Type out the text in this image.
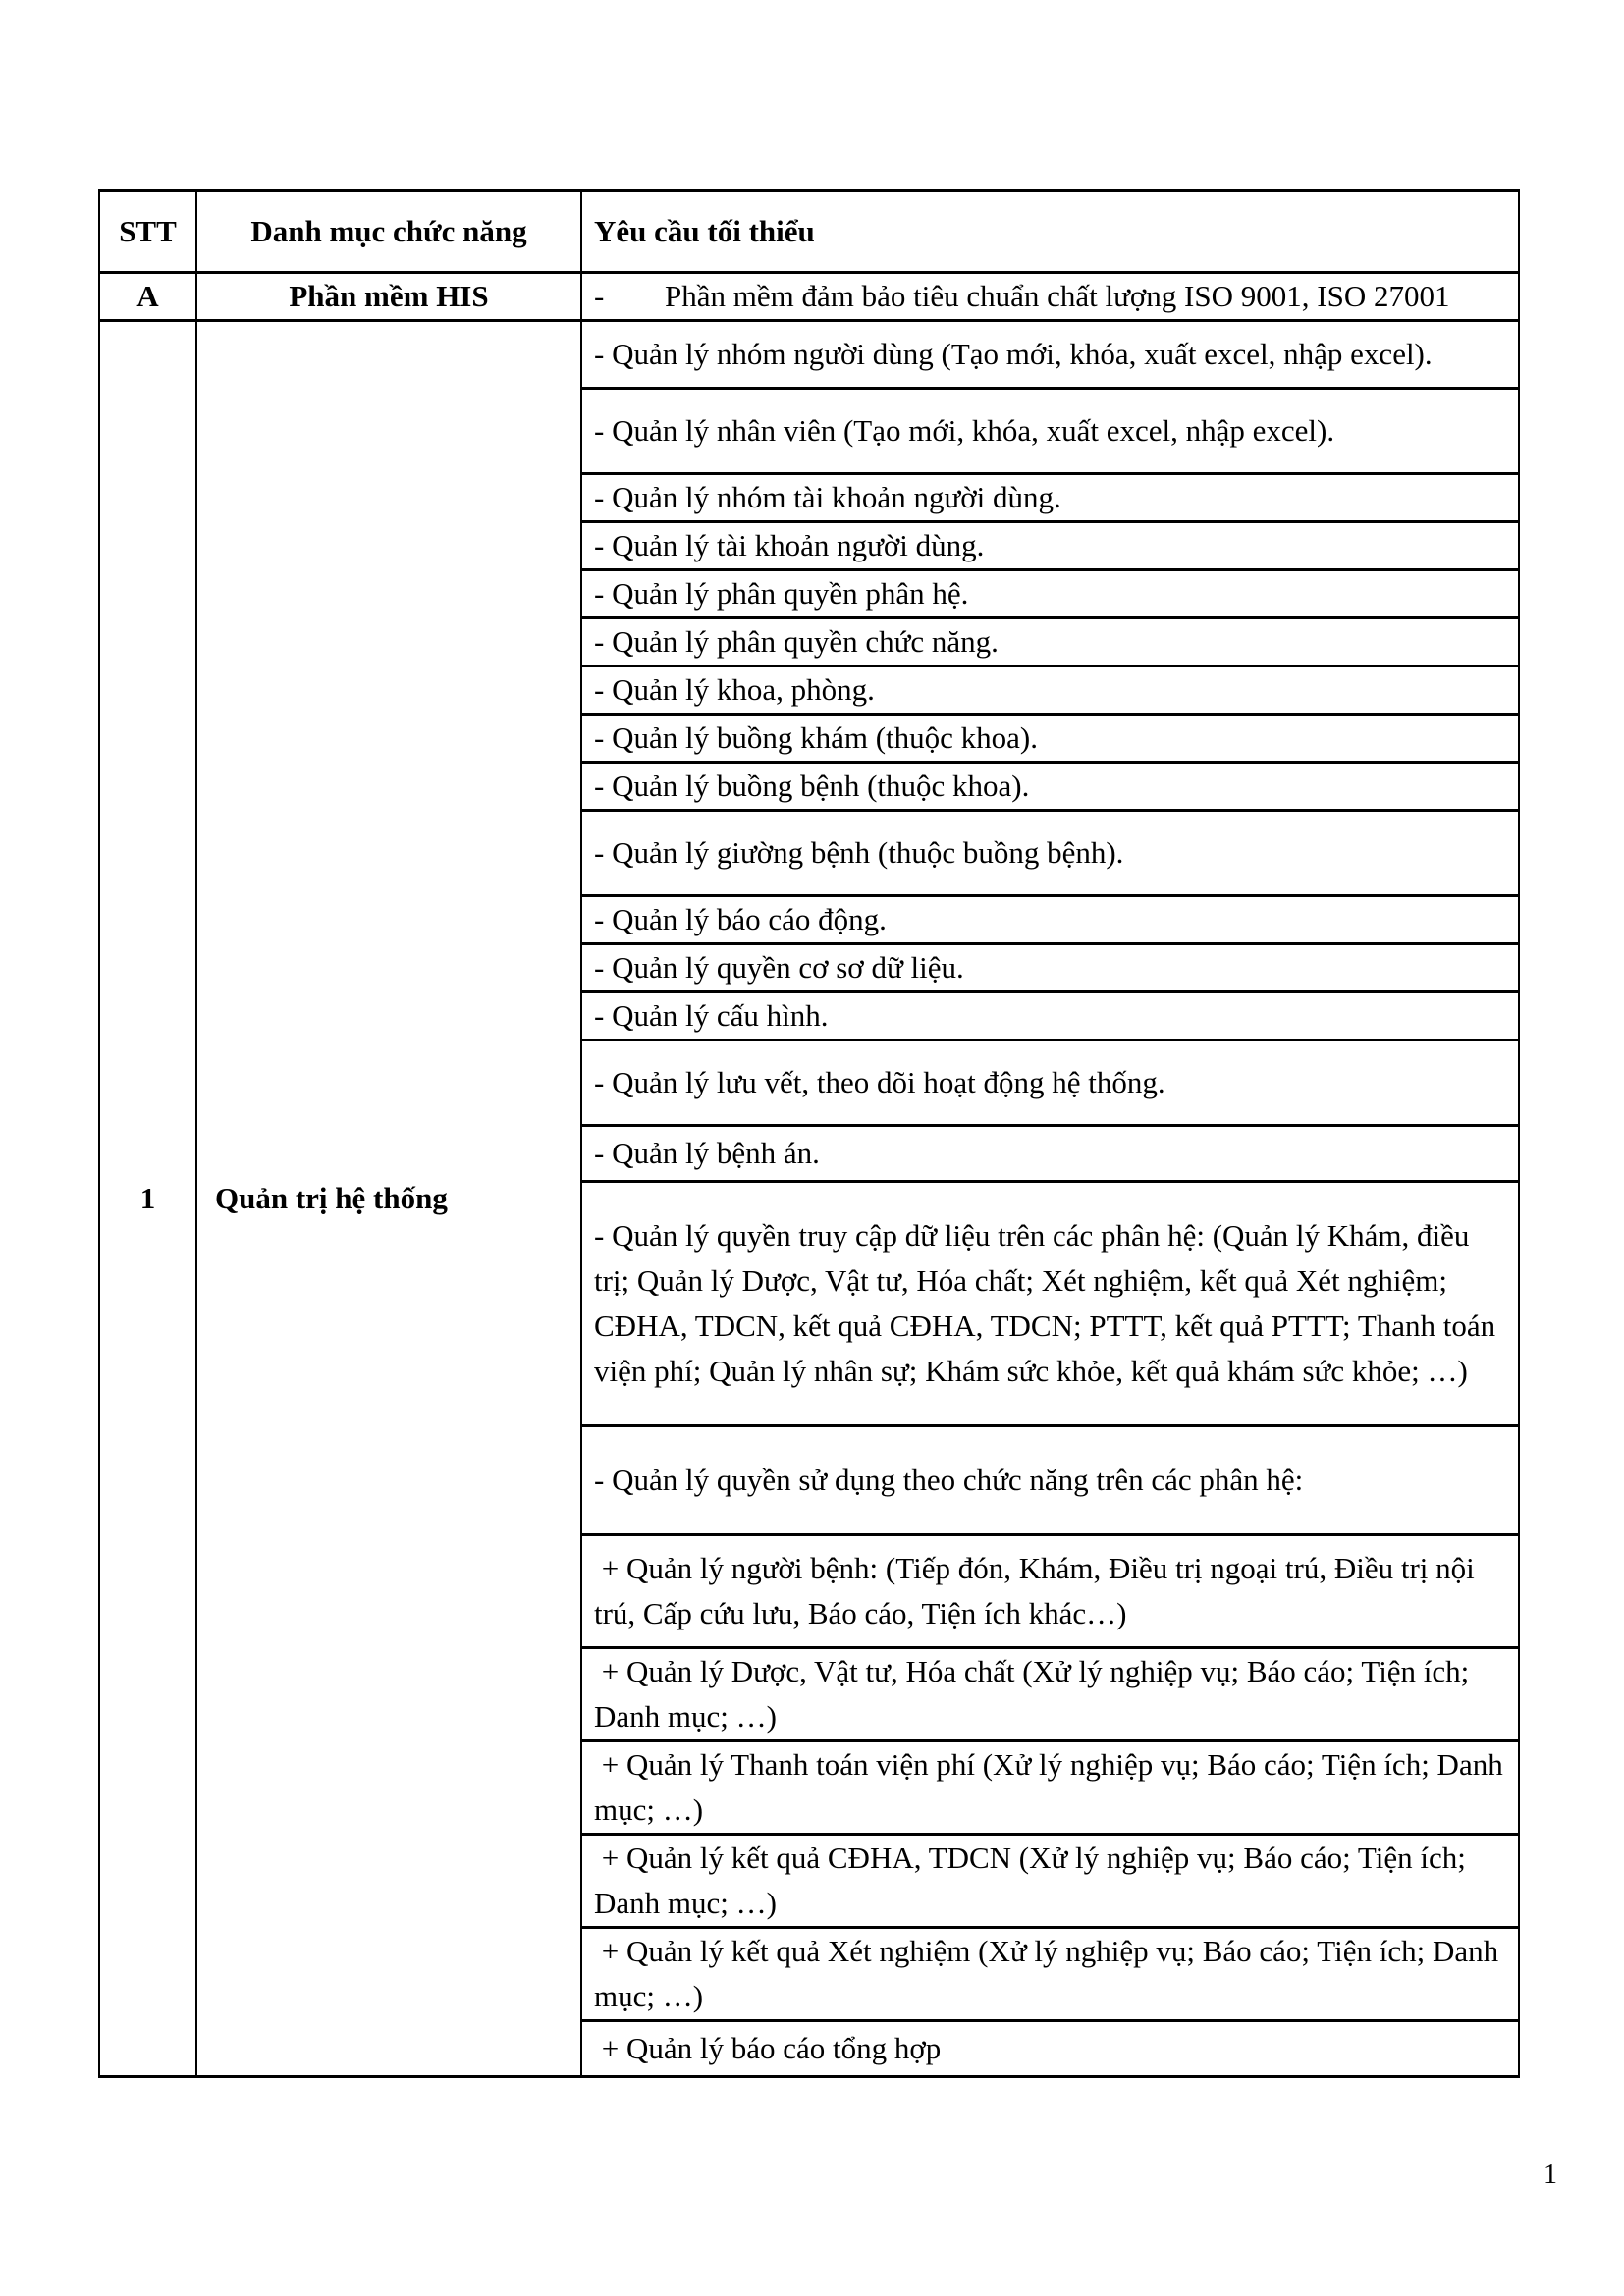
STT	Danh mục chức năng	Yêu cầu tối thiểu
A	Phần mềm HIS	- Phần mềm đảm bảo tiêu chuẩn chất lượng ISO 9001, ISO 27001
1	Quản trị hệ thống	- Quản lý nhóm người dùng (Tạo mới, khóa, xuất excel, nhập excel).
		- Quản lý nhân viên (Tạo mới, khóa, xuất excel, nhập excel).
		- Quản lý nhóm tài khoản người dùng.
		- Quản lý tài khoản người dùng.
		- Quản lý phân quyền phân hệ.
		- Quản lý phân quyền chức năng.
		- Quản lý khoa, phòng.
		- Quản lý buồng khám (thuộc khoa).
		- Quản lý buồng bệnh (thuộc khoa).
		- Quản lý giường bệnh (thuộc buồng bệnh).
		- Quản lý báo cáo động.
		- Quản lý quyền cơ sơ dữ liệu.
		- Quản lý cấu hình.
		- Quản lý lưu vết, theo dõi hoạt động hệ thống.
		- Quản lý bệnh án.
		- Quản lý quyền truy cập dữ liệu trên các phân hệ: (Quản lý Khám, điều trị; Quản lý Dược, Vật tư, Hóa chất; Xét nghiệm, kết quả Xét nghiệm; CĐHA, TDCN, kết quả CĐHA, TDCN; PTTT, kết quả PTTT; Thanh toán viện phí; Quản lý nhân sự; Khám sức khỏe, kết quả khám sức khỏe; …)
		- Quản lý quyền sử dụng theo chức năng trên các phân hệ:
		+ Quản lý người bệnh: (Tiếp đón, Khám, Điều trị ngoại trú, Điều trị nội trú, Cấp cứu lưu, Báo cáo, Tiện ích khác…)
		+ Quản lý Dược, Vật tư, Hóa chất (Xử lý nghiệp vụ; Báo cáo; Tiện ích; Danh mục; …)
		+ Quản lý Thanh toán viện phí (Xử lý nghiệp vụ; Báo cáo; Tiện ích; Danh mục; …)
		+ Quản lý kết quả CĐHA, TDCN (Xử lý nghiệp vụ; Báo cáo; Tiện ích; Danh mục; …)
		+ Quản lý kết quả Xét nghiệm (Xử lý nghiệp vụ; Báo cáo; Tiện ích; Danh mục; …)
		+ Quản lý báo cáo tổng hợp
1
